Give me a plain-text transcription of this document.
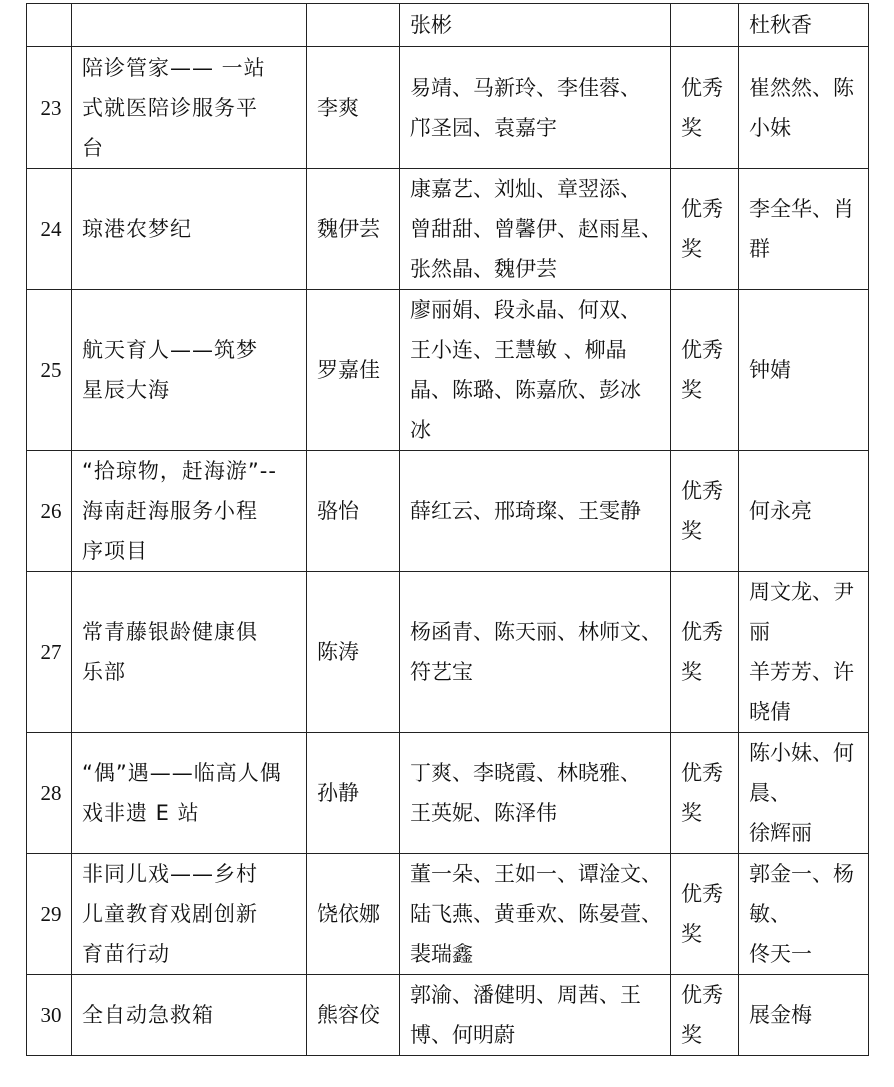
			张彬		杜秋香

23	陪诊管家—— 一站
式就医陪诊服务平
台	李爽	易靖、马新玲、李佳蓉、
邝圣园、袁嘉宇	优秀
奖	崔然然、陈
小妹

24	琼港农梦纪	魏伊芸	康嘉艺、刘灿、章翌添、
曾甜甜、曾馨伊、赵雨星、
张然晶、魏伊芸	优秀
奖	李全华、肖
群

25	航天育人——筑梦
星辰大海	罗嘉佳	廖丽娟、段永晶、何双、
王小连、王慧敏 、柳晶
晶、陈璐、陈嘉欣、彭冰
冰	优秀
奖	钟婧

26	“拾琼物，赶海游”--
海南赶海服务小程
序项目	骆怡	薛红云、邢琦璨、王雯静	优秀
奖	何永亮

27	常青藤银龄健康俱
乐部	陈涛	杨函青、陈天丽、林师文、
符艺宝	优秀
奖	周文龙、尹
丽
羊芳芳、许
晓倩

28	“偶”遇——临高人偶
戏非遗 E 站	孙静	丁爽、李晓霞、林晓雅、
王英妮、陈泽伟	优秀
奖	陈小妹、何
晨、
徐辉丽

29	非同儿戏——乡村
儿童教育戏剧创新
育苗行动	饶依娜	董一朵、王如一、谭淦文、
陆飞燕、黄垂欢、陈晏萱、
裴瑞鑫	优秀
奖	郭金一、杨
敏、
佟天一

30	全自动急救箱	熊容佼	郭渝、潘健明、周茜、王
博、何明蔚	优秀
奖	展金梅
